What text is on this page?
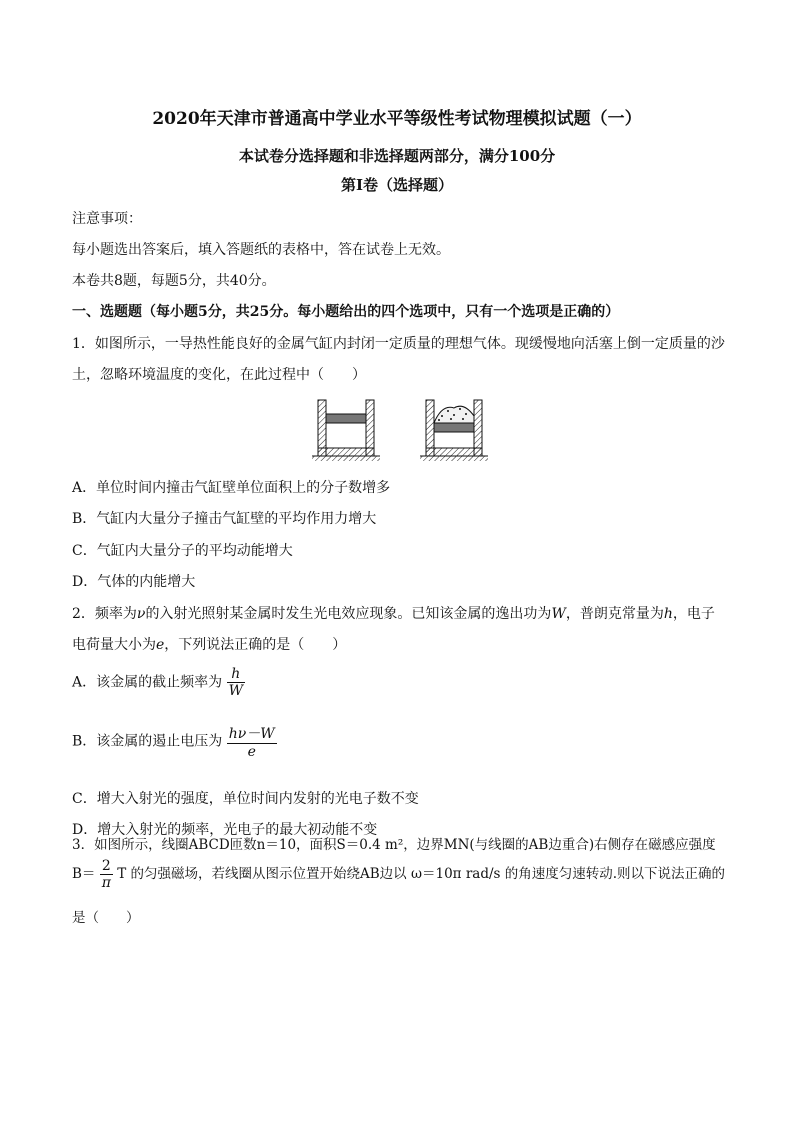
2020年天津市普通高中学业水平等级性考试物理模拟试题（一）
本试卷分选择题和非选择题两部分，满分100分
第Ⅰ卷（选择题）
注意事项：
每小题选出答案后，填入答题纸的表格中，答在试卷上无效。
本卷共8题，每题5分，共40分。
一、选题题（每小题5分，共25分。每小题给出的四个选项中，只有一个选项是正确的）
1．如图所示，一导热性能良好的金属气缸内封闭一定质量的理想气体。现缓慢地向活塞上倒一定质量的沙
土，忽略环境温度的变化，在此过程中（　　）
A．单位时间内撞击气缸壁单位面积上的分子数增多
B．气缸内大量分子撞击气缸壁的平均作用力增大
C．气缸内大量分子的平均动能增大
D．气体的内能增大
2．频率为ν的入射光照射某金属时发生光电效应现象。已知该金属的逸出功为W，普朗克常量为h，电子
电荷量大小为e，下列说法正确的是（　　）
A．该金属的截止频率为 $\frac{h}{W}$
B．该金属的遏止电压为 $\frac{h\nu-W}{e}$
C．增大入射光的强度，单位时间内发射的光电子数不变
D．增大入射光的频率，光电子的最大初动能不变
3．如图所示，线圈ABCD匝数n＝10，面积S＝0.4 m²，边界MN(与线圈的AB边重合)右侧存在磁感应强度
$B= \frac{2}{\pi}$ T 的匀强磁场，若线圈从图示位置开始绕AB边以 ω＝10π rad/s 的角速度匀速转动.则以下说法正确的
是（　　）
